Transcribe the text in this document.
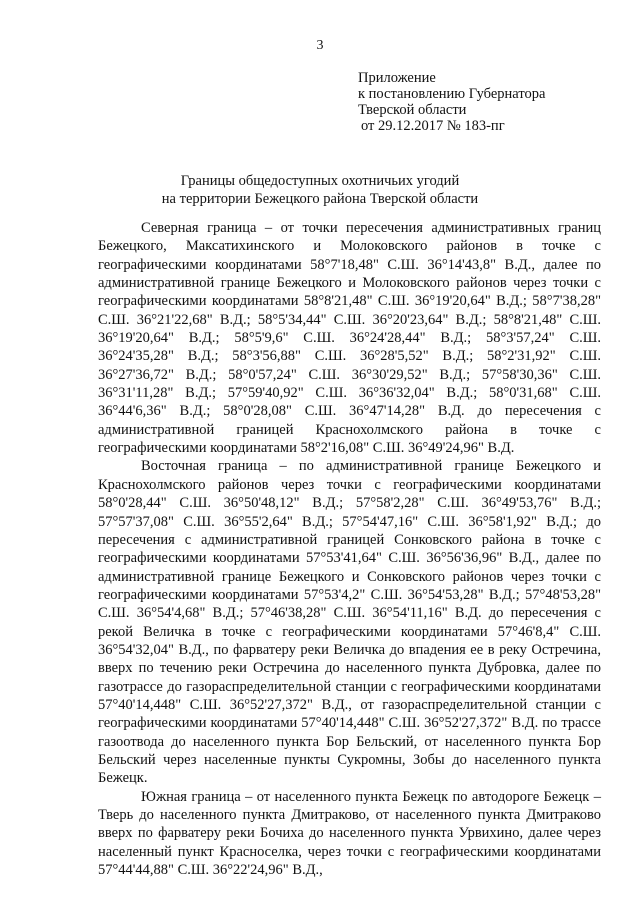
3
Приложение
к постановлению Губернатора
Тверской области
от 29.12.2017 № 183-пг
Границы общедоступных охотничьих угодий
на территории Бежецкого района Тверской области

Северная граница – от точки пересечения административных границ Бежецкого, Максатихинского и Молоковского районов в точке с географическими координатами 58°7'18,48" С.Ш. 36°14'43,8" В.Д., далее по административной границе Бежецкого и Молоковского районов через точки с географическими координатами 58°8'21,48" С.Ш. 36°19'20,64" В.Д.; 58°7'38,28" С.Ш. 36°21'22,68" В.Д.; 58°5'34,44" С.Ш. 36°20'23,64" В.Д.; 58°8'21,48" С.Ш. 36°19'20,64" В.Д.; 58°5'9,6" С.Ш. 36°24'28,44" В.Д.; 58°3'57,24" С.Ш. 36°24'35,28" В.Д.; 58°3'56,88" С.Ш. 36°28'5,52" В.Д.; 58°2'31,92" С.Ш. 36°27'36,72" В.Д.; 58°0'57,24" С.Ш. 36°30'29,52" В.Д.; 57°58'30,36" С.Ш. 36°31'11,28" В.Д.; 57°59'40,92" С.Ш. 36°36'32,04" В.Д.; 58°0'31,68" С.Ш. 36°44'6,36" В.Д.; 58°0'28,08" С.Ш. 36°47'14,28" В.Д. до пересечения с административной границей Краснохолмского района в точке с географическими координатами 58°2'16,08" С.Ш. 36°49'24,96" В.Д.

Восточная граница – по административной границе Бежецкого и Краснохолмского районов через точки с географическими координатами 58°0'28,44" С.Ш. 36°50'48,12" В.Д.; 57°58'2,28" С.Ш. 36°49'53,76" В.Д.; 57°57'37,08" С.Ш. 36°55'2,64" В.Д.; 57°54'47,16" С.Ш. 36°58'1,92" В.Д.; до пересечения с административной границей Сонковского района в точке с географическими координатами 57°53'41,64" С.Ш. 36°56'36,96" В.Д., далее по административной границе Бежецкого и Сонковского районов через точки с географическими координатами 57°53'4,2" С.Ш. 36°54'53,28" В.Д.; 57°48'53,28" С.Ш. 36°54'4,68" В.Д.; 57°46'38,28" С.Ш. 36°54'11,16" В.Д. до пересечения с рекой Величка в точке с географическими координатами 57°46'8,4" С.Ш. 36°54'32,04" В.Д., по фарватеру реки Величка до впадения ее в реку Остречина, вверх по течению реки Остречина до населенного пункта Дубровка, далее по газотрассе до газораспределительной станции с географическими координатами 57°40'14,448" С.Ш. 36°52'27,372" В.Д., от газораспределительной станции с географическими координатами 57°40'14,448" С.Ш. 36°52'27,372" В.Д. по трассе газоотвода до населенного пункта Бор Бельский, от населенного пункта Бор Бельский через населенные пункты Сукромны, Зобы до населенного пункта Бежецк.

Южная граница – от населенного пункта Бежецк по автодороге Бежецк – Тверь до населенного пункта Дмитраково, от населенного пункта Дмитраково вверх по фарватеру реки Бочиха до населенного пункта Урвихино, далее через населенный пункт Красноселка, через точки с географическими координатами 57°44'44,88" С.Ш. 36°22'24,96" В.Д.,
